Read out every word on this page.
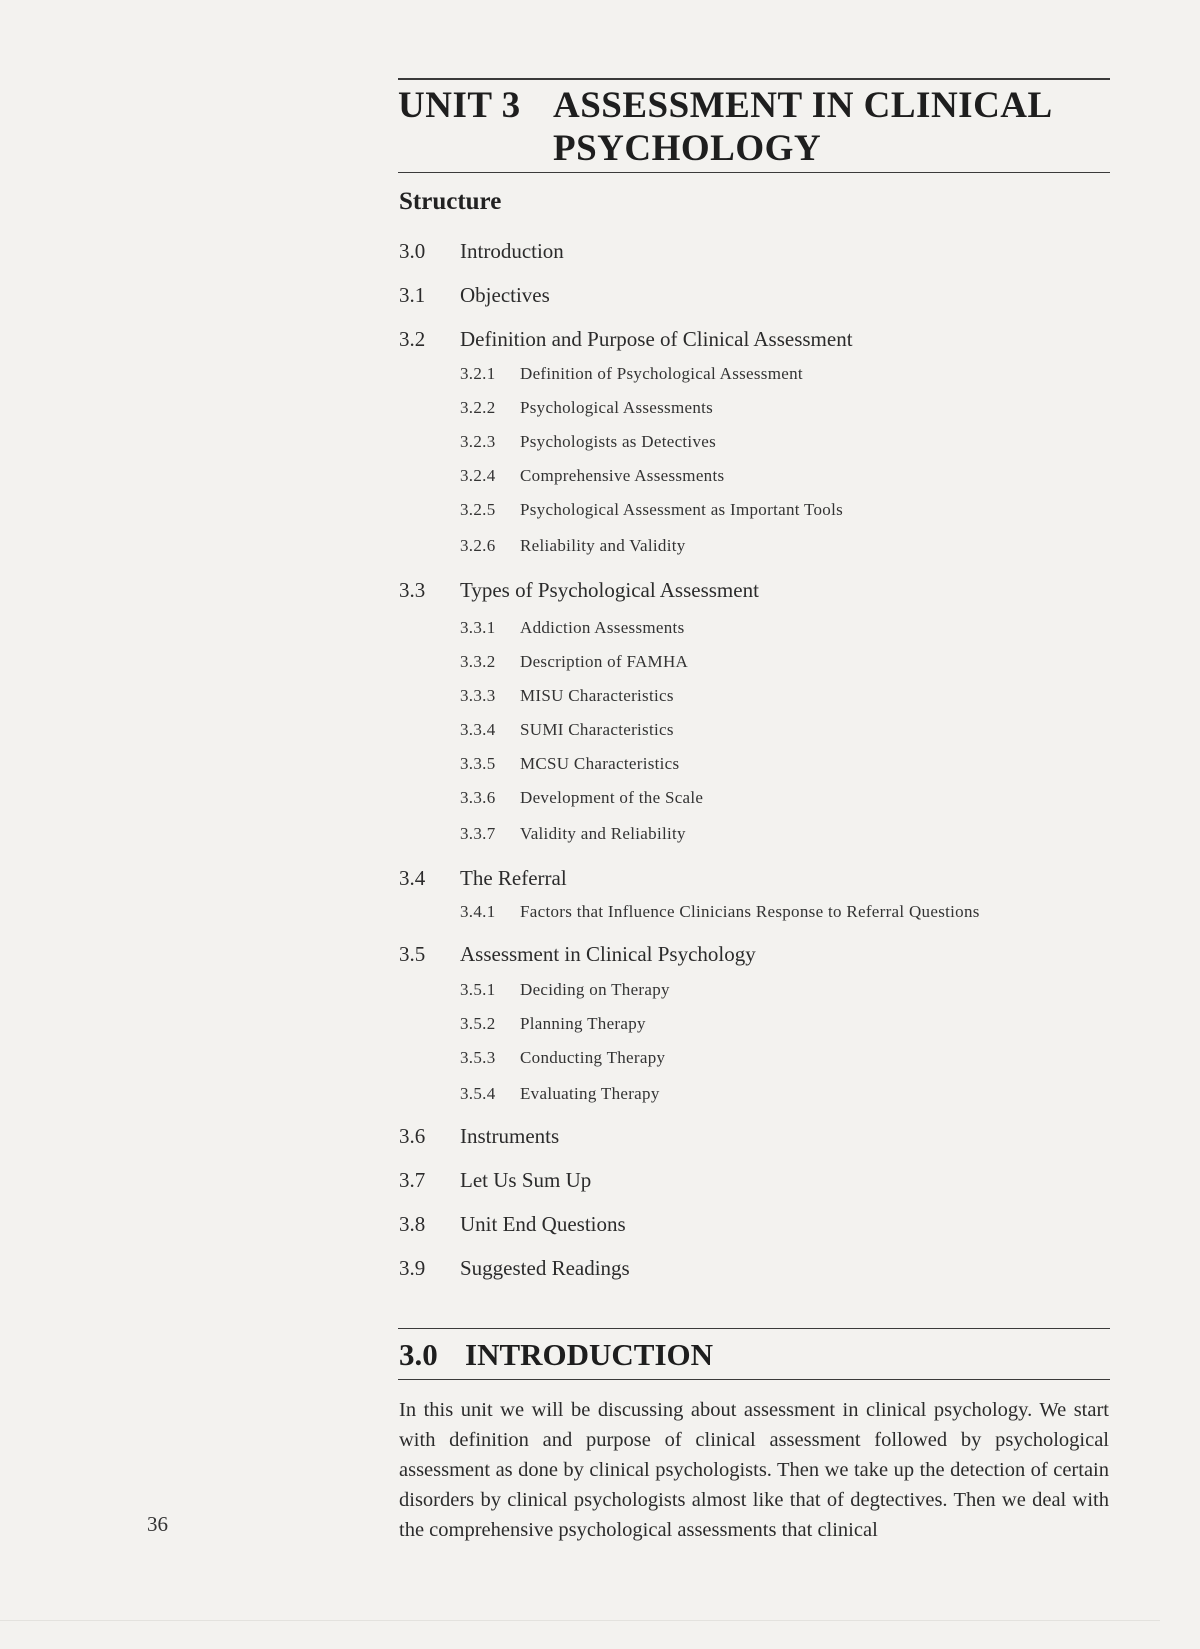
UNIT 3 ASSESSMENT IN CLINICAL PSYCHOLOGY
Structure
3.0 Introduction
3.1 Objectives
3.2 Definition and Purpose of Clinical Assessment
3.2.1 Definition of Psychological Assessment
3.2.2 Psychological Assessments
3.2.3 Psychologists as Detectives
3.2.4 Comprehensive Assessments
3.2.5 Psychological Assessment as Important Tools
3.2.6 Reliability and Validity
3.3 Types of Psychological Assessment
3.3.1 Addiction Assessments
3.3.2 Description of FAMHA
3.3.3 MISU Characteristics
3.3.4 SUMI Characteristics
3.3.5 MCSU Characteristics
3.3.6 Development of the Scale
3.3.7 Validity and Reliability
3.4 The Referral
3.4.1 Factors that Influence Clinicians Response to Referral Questions
3.5 Assessment in Clinical Psychology
3.5.1 Deciding on Therapy
3.5.2 Planning Therapy
3.5.3 Conducting Therapy
3.5.4 Evaluating Therapy
3.6 Instruments
3.7 Let Us Sum Up
3.8 Unit End Questions
3.9 Suggested Readings
3.0 INTRODUCTION
In this unit we will be discussing about assessment in clinical psychology. We start with definition and purpose of clinical assessment followed by psychological assessment as done by clinical psychologists. Then we take up the detection of certain disorders by clinical psychologists almost like that of degtectives. Then we deal with the comprehensive psychological assessments that clinical
36
